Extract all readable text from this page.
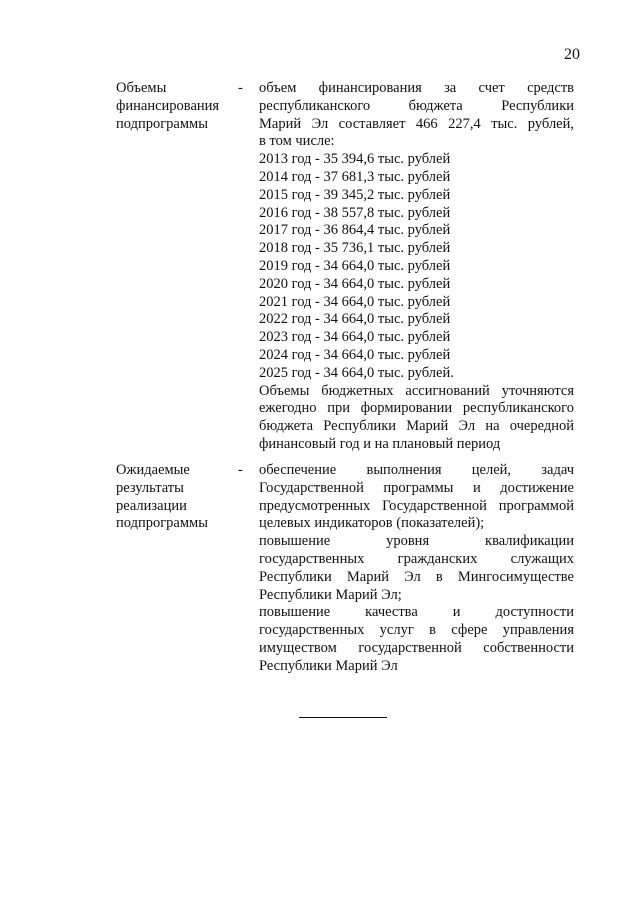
20
Объемы
финансирования
подпрограммы
- объем финансирования за счет средств
республиканского бюджета Республики
Марий Эл составляет 466 227,4 тыс. рублей,
в том числе:
2013 год - 35 394,6 тыс. рублей
2014 год - 37 681,3 тыс. рублей
2015 год - 39 345,2 тыс. рублей
2016 год - 38 557,8 тыс. рублей
2017 год - 36 864,4 тыс. рублей
2018 год - 35 736,1 тыс. рублей
2019 год - 34 664,0 тыс. рублей
2020 год - 34 664,0 тыс. рублей
2021 год - 34 664,0 тыс. рублей
2022 год - 34 664,0 тыс. рублей
2023 год - 34 664,0 тыс. рублей
2024 год - 34 664,0 тыс. рублей
2025 год - 34 664,0 тыс. рублей.
Объемы бюджетных ассигнований уточняются
ежегодно при формировании республиканского
бюджета Республики Марий Эл на очередной
финансовый год и на плановый период
Ожидаемые
результаты
реализации
подпрограммы
- обеспечение выполнения целей, задач
Государственной программы и достижение
предусмотренных Государственной программой
целевых индикаторов (показателей);
повышение уровня квалификации
государственных гражданских служащих
Республики Марий Эл в Мингосимуществе
Республики Марий Эл;
повышение качества и доступности
государственных услуг в сфере управления
имуществом государственной собственности
Республики Марий Эл
